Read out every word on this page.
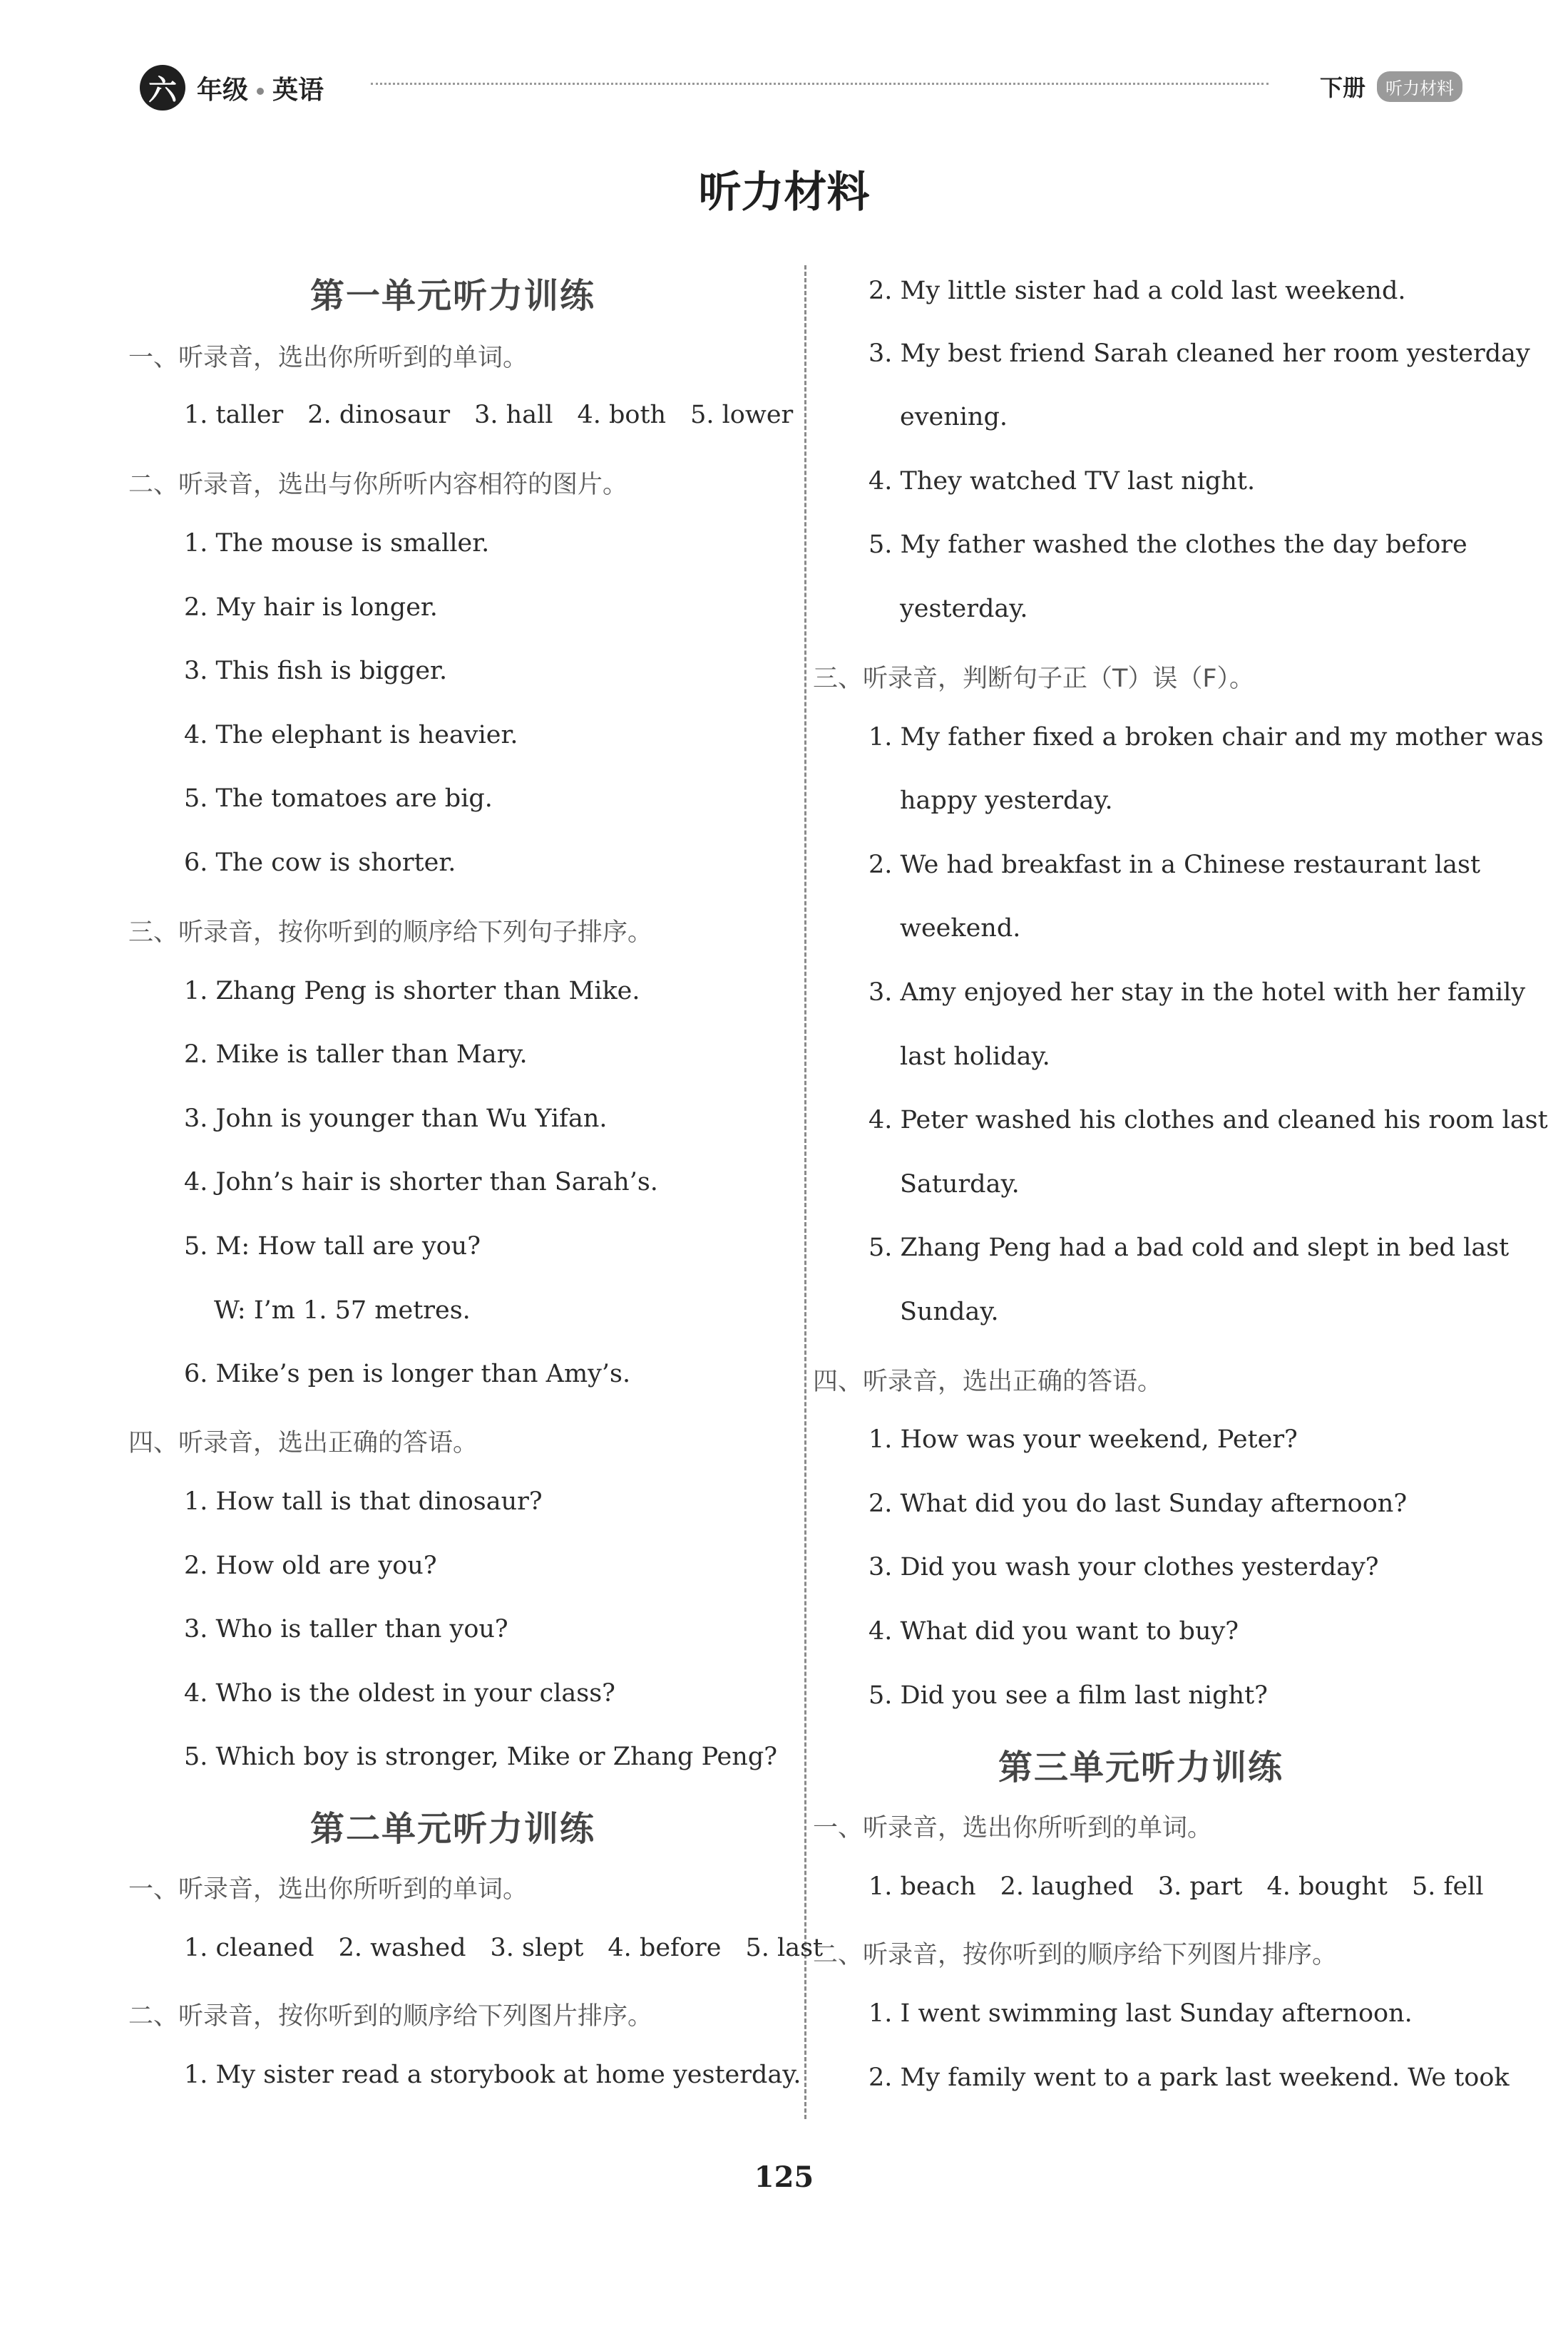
六 年级 英语	下册	听力材料
听力材料
第一单元听力训练
一、听录音，选出你所听到的单词。
1. taller 2. dinosaur 3. hall 4. both 5. lower
二、听录音，选出与你所听内容相符的图片。
1. The mouse is smaller.
2. My hair is longer.
3. This fish is bigger.
4. The elephant is heavier.
5. The tomatoes are big.
6. The cow is shorter.
三、听录音，按你听到的顺序给下列句子排序。
1. Zhang Peng is shorter than Mike.
2. Mike is taller than Mary.
3. John is younger than Wu Yifan.
4. John’s hair is shorter than Sarah’s.
5. M: How tall are you?
W: I’m 1. 57 metres.
6. Mike’s pen is longer than Amy’s.
四、听录音，选出正确的答语。
1. How tall is that dinosaur?
2. How old are you?
3. Who is taller than you?
4. Who is the oldest in your class?
5. Which boy is stronger, Mike or Zhang Peng?
第二单元听力训练
一、听录音，选出你所听到的单词。
1. cleaned 2. washed 3. slept 4. before 5. last
二、听录音，按你听到的顺序给下列图片排序。
1. My sister read a storybook at home yesterday.
2. My little sister had a cold last weekend.
3. My best friend Sarah cleaned her room yesterday
evening.
4. They watched TV last night.
5. My father washed the clothes the day before
yesterday.
三、听录音，判断句子正（T）误（F）。
1. My father fixed a broken chair and my mother was
happy yesterday.
2. We had breakfast in a Chinese restaurant last
weekend.
3. Amy enjoyed her stay in the hotel with her family
last holiday.
4. Peter washed his clothes and cleaned his room last
Saturday.
5. Zhang Peng had a bad cold and slept in bed last
Sunday.
四、听录音，选出正确的答语。
1. How was your weekend, Peter?
2. What did you do last Sunday afternoon?
3. Did you wash your clothes yesterday?
4. What did you want to buy?
5. Did you see a film last night?
第三单元听力训练
一、听录音，选出你所听到的单词。
1. beach 2. laughed 3. part 4. bought 5. fell
二、听录音，按你听到的顺序给下列图片排序。
1. I went swimming last Sunday afternoon.
2. My family went to a park last weekend. We took
125
